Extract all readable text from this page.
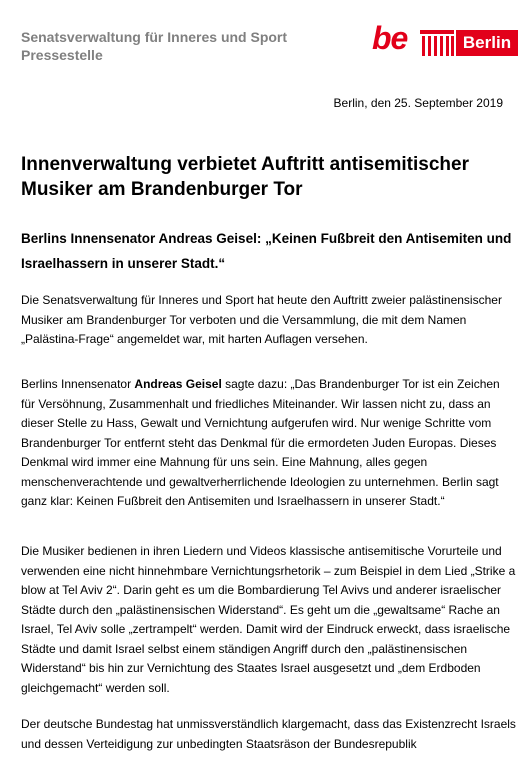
Senatsverwaltung für Inneres und Sport
Pressestelle	be	Berlin
Berlin, den 25. September 2019
Innenverwaltung verbietet Auftritt antisemitischer Musiker am Brandenburger Tor
Berlins Innensenator Andreas Geisel: „Keinen Fußbreit den Antisemiten und Israelhassern in unserer Stadt.“
Die Senatsverwaltung für Inneres und Sport hat heute den Auftritt zweier palästinensischer Musiker am Brandenburger Tor verboten und die Versammlung, die mit dem Namen „Palästina-Frage“ angemeldet war, mit harten Auflagen versehen.
Berlins Innensenator Andreas Geisel sagte dazu: „Das Brandenburger Tor ist ein Zeichen für Versöhnung, Zusammenhalt und friedliches Miteinander. Wir lassen nicht zu, dass an dieser Stelle zu Hass, Gewalt und Vernichtung aufgerufen wird. Nur wenige Schritte vom Brandenburger Tor entfernt steht das Denkmal für die ermordeten Juden Europas. Dieses Denkmal wird immer eine Mahnung für uns sein. Eine Mahnung, alles gegen menschenverachtende und gewaltverherrlichende Ideologien zu unternehmen. Berlin sagt ganz klar: Keinen Fußbreit den Antisemiten und Israelhassern in unserer Stadt.“
Die Musiker bedienen in ihren Liedern und Videos klassische antisemitische Vorurteile und verwenden eine nicht hinnehmbare Vernichtungsrhetorik – zum Beispiel in dem Lied „Strike a blow at Tel Aviv 2“. Darin geht es um die Bombardierung Tel Avivs und anderer israelischer Städte durch den „palästinensischen Widerstand“. Es geht um die „gewaltsame“ Rache an Israel, Tel Aviv solle „zertrampelt“ werden. Damit wird der Eindruck erweckt, dass israelische Städte und damit Israel selbst einem ständigen Angriff durch den „palästinensischen Widerstand“ bis hin zur Vernichtung des Staates Israel ausgesetzt und „dem Erdboden gleichgemacht“ werden soll.
Der deutsche Bundestag hat unmissverständlich klargemacht, dass das Existenzrecht Israels und dessen Verteidigung zur unbedingten Staatsräson der Bundesrepublik
